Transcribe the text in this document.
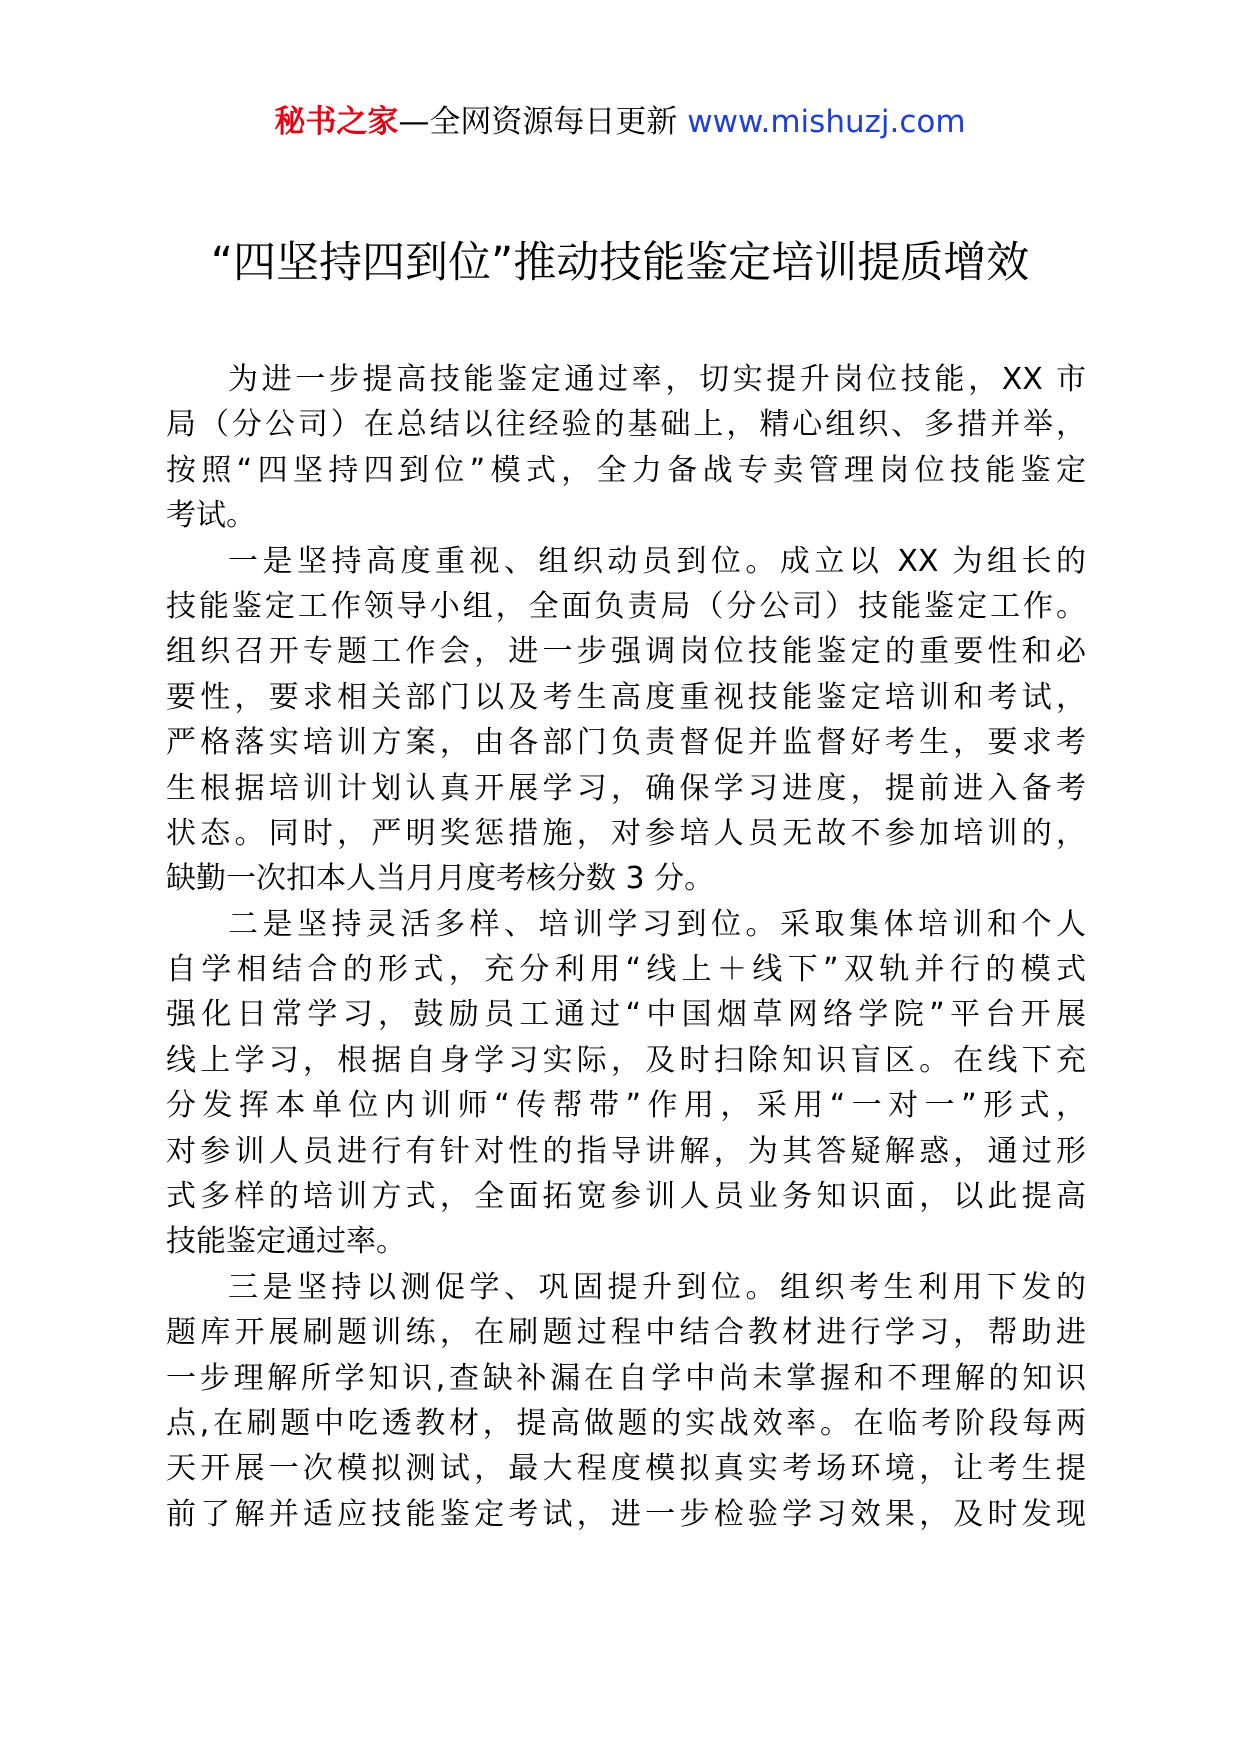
秘书之家—全网资源每日更新 www.mishuzj.com
“四坚持四到位”推动技能鉴定培训提质增效
为进一步提高技能鉴定通过率，切实提升岗位技能，XX 市
局（分公司）在总结以往经验的基础上，精心组织、多措并举，
按照“四坚持四到位”模式，全力备战专卖管理岗位技能鉴定
考试。
一是坚持高度重视、组织动员到位。成立以 XX 为组长的
技能鉴定工作领导小组，全面负责局（分公司）技能鉴定工作。
组织召开专题工作会，进一步强调岗位技能鉴定的重要性和必
要性，要求相关部门以及考生高度重视技能鉴定培训和考试，
严格落实培训方案，由各部门负责督促并监督好考生，要求考
生根据培训计划认真开展学习，确保学习进度，提前进入备考
状态。同时，严明奖惩措施，对参培人员无故不参加培训的，
缺勤一次扣本人当月月度考核分数 3 分。
二是坚持灵活多样、培训学习到位。采取集体培训和个人
自学相结合的形式，充分利用“线上＋线下”双轨并行的模式
强化日常学习，鼓励员工通过“中国烟草网络学院”平台开展
线上学习，根据自身学习实际，及时扫除知识盲区。在线下充
分发挥本单位内训师“传帮带”作用，采用“一对一”形式，
对参训人员进行有针对性的指导讲解，为其答疑解惑，通过形
式多样的培训方式，全面拓宽参训人员业务知识面，以此提高
技能鉴定通过率。
三是坚持以测促学、巩固提升到位。组织考生利用下发的
题库开展刷题训练，在刷题过程中结合教材进行学习，帮助进
一步理解所学知识,查缺补漏在自学中尚未掌握和不理解的知识
点,在刷题中吃透教材，提高做题的实战效率。在临考阶段每两
天开展一次模拟测试，最大程度模拟真实考场环境，让考生提
前了解并适应技能鉴定考试，进一步检验学习效果，及时发现
